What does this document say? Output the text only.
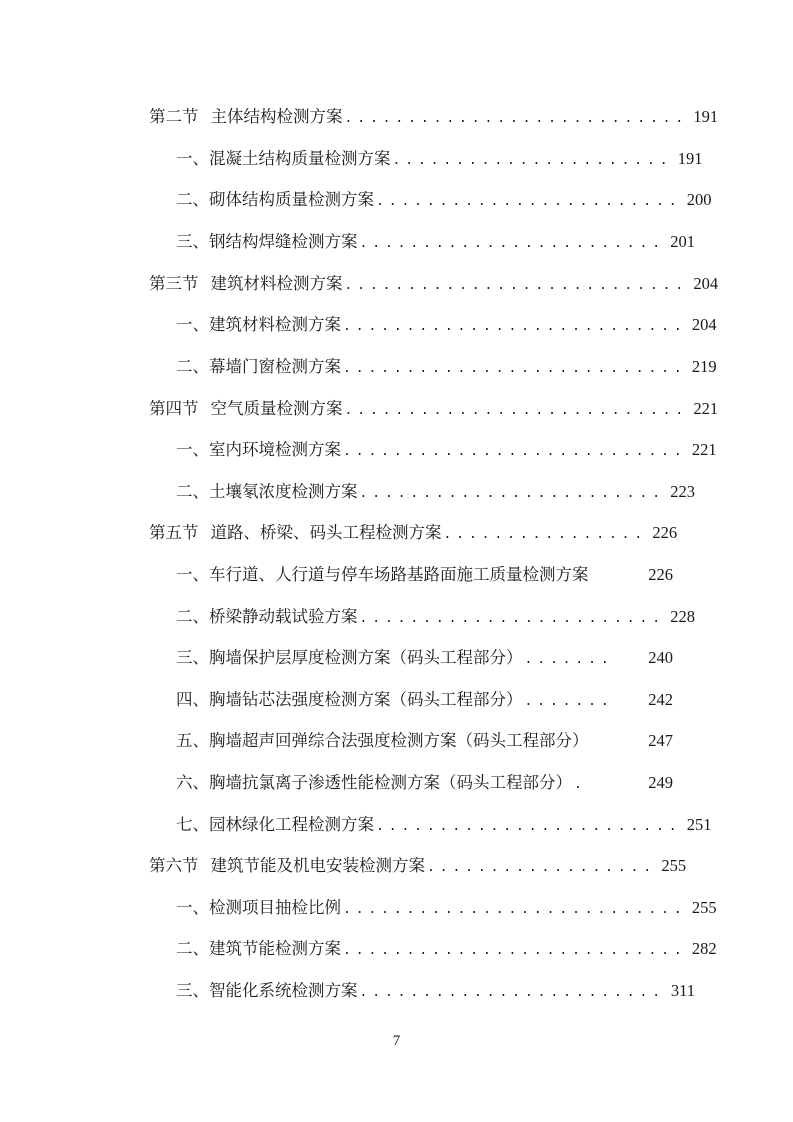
第二节 主体结构检测方案 ........................... 191
一、混凝土结构质量检测方案 ...................... 191
二、砌体结构质量检测方案 ........................ 200
三、钢结构焊缝检测方案 ........................ 201
第三节 建筑材料检测方案 ........................... 204
一、建筑材料检测方案 ........................... 204
二、幕墙门窗检测方案 ........................... 219
第四节 空气质量检测方案 ........................... 221
一、室内环境检测方案 ........................... 221
二、土壤氡浓度检测方案 ........................ 223
第五节 道路、桥梁、码头工程检测方案 ................ 226
一、车行道、人行道与停车场路基路面施工质量检测方案	226
二、桥梁静动载试验方案 ........................ 228
三、胸墙保护层厚度检测方案（码头工程部分） .......	240
四、胸墙钻芯法强度检测方案（码头工程部分） .......	242
五、胸墙超声回弹综合法强度检测方案（码头工程部分）	247
六、胸墙抗氯离子渗透性能检测方案（码头工程部分） .	249
七、园林绿化工程检测方案 ........................ 251
第六节 建筑节能及机电安装检测方案 .................. 255
一、检测项目抽检比例 ........................... 255
二、建筑节能检测方案 ........................... 282
三、智能化系统检测方案 ........................ 311
7
